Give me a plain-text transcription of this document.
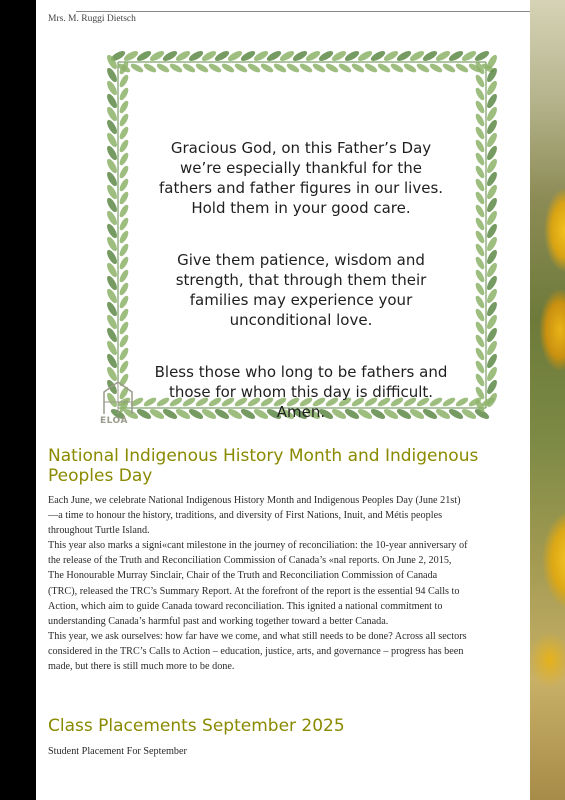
Mrs. M. Ruggi Dietsch

Gracious God, on this Father’s Day
we’re especially thankful for the
fathers and father figures in our lives.
Hold them in your good care.

Give them patience, wisdom and
strength, that through them their
families may experience your
unconditional love.

Bless those who long to be fathers and
those for whom this day is difficult.
Amen.

ELOA
National Indigenous History Month and Indigenous Peoples Day

Each June, we celebrate National Indigenous History Month and Indigenous Peoples Day (June 21st)—a time to honour the history, traditions, and diversity of First Nations, Inuit, and Métis peoples throughout Turtle Island.

This year also marks a signi«cant milestone in the journey of reconciliation: the 10-year anniversary of the release of the Truth and Reconciliation Commission of Canada’s «nal reports. On June 2, 2015, The Honourable Murray Sinclair, Chair of the Truth and Reconciliation Commission of Canada (TRC), released the TRC’s Summary Report. At the forefront of the report is the essential 94 Calls to Action, which aim to guide Canada toward reconciliation. This ignited a national commitment to understanding Canada’s harmful past and working together toward a better Canada.

This year, we ask ourselves: how far have we come, and what still needs to be done? Across all sectors considered in the TRC’s Calls to Action – education, justice, arts, and governance – progress has been made, but there is still much more to be done.

Class Placements September 2025
Student Placement For September
